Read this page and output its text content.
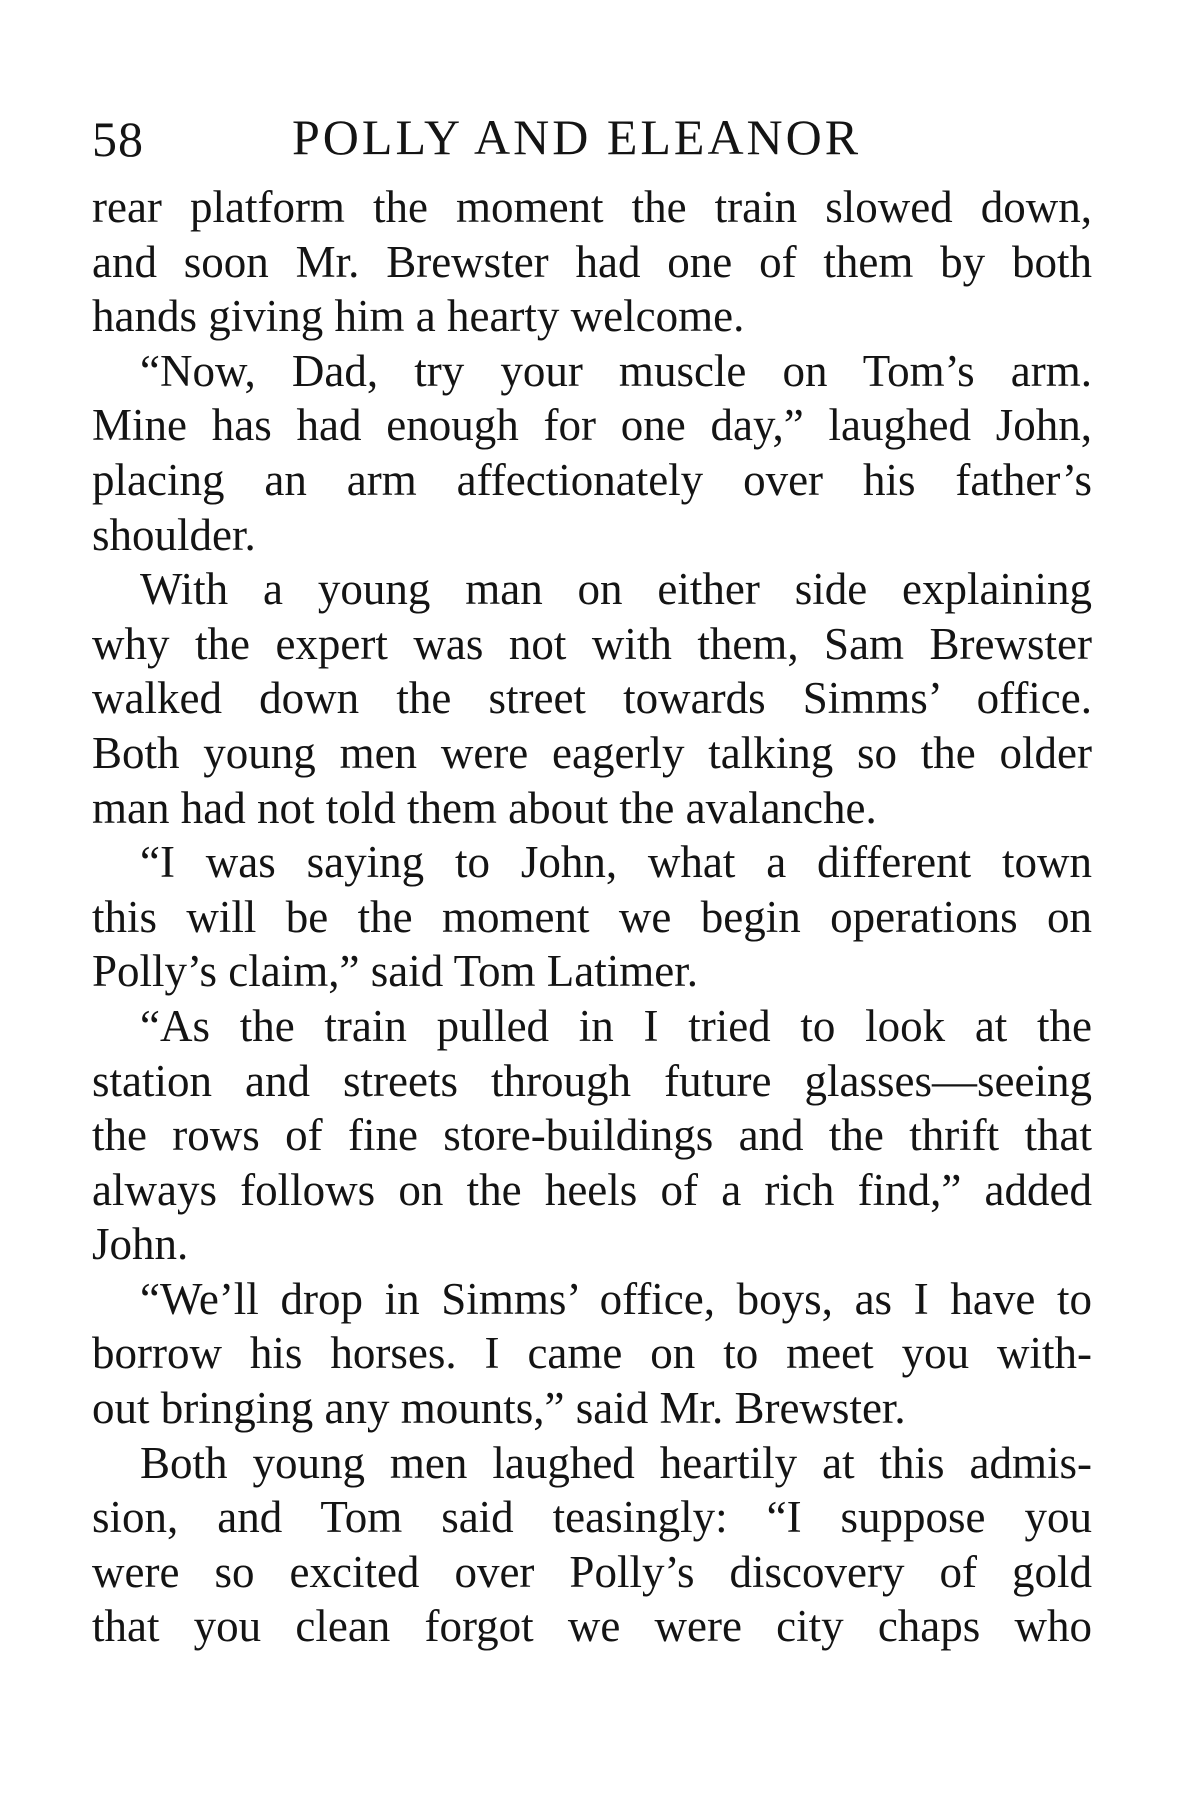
58	POLLY AND ELEANOR
rear platform the moment the train slowed down,
and soon Mr. Brewster had one of them by both
hands giving him a hearty welcome.
“Now, Dad, try your muscle on Tom’s arm.
Mine has had enough for one day,” laughed John,
placing an arm affectionately over his father’s
shoulder.
With a young man on either side explaining
why the expert was not with them, Sam Brewster
walked down the street towards Simms’ office.
Both young men were eagerly talking so the older
man had not told them about the avalanche.
“I was saying to John, what a different town
this will be the moment we begin operations on
Polly’s claim,” said Tom Latimer.
“As the train pulled in I tried to look at the
station and streets through future glasses—seeing
the rows of fine store-buildings and the thrift that
always follows on the heels of a rich find,” added
John.
“We’ll drop in Simms’ office, boys, as I have to
borrow his horses. I came on to meet you with-
out bringing any mounts,” said Mr. Brewster.
Both young men laughed heartily at this admis-
sion, and Tom said teasingly: “I suppose you
were so excited over Polly’s discovery of gold
that you clean forgot we were city chaps who
